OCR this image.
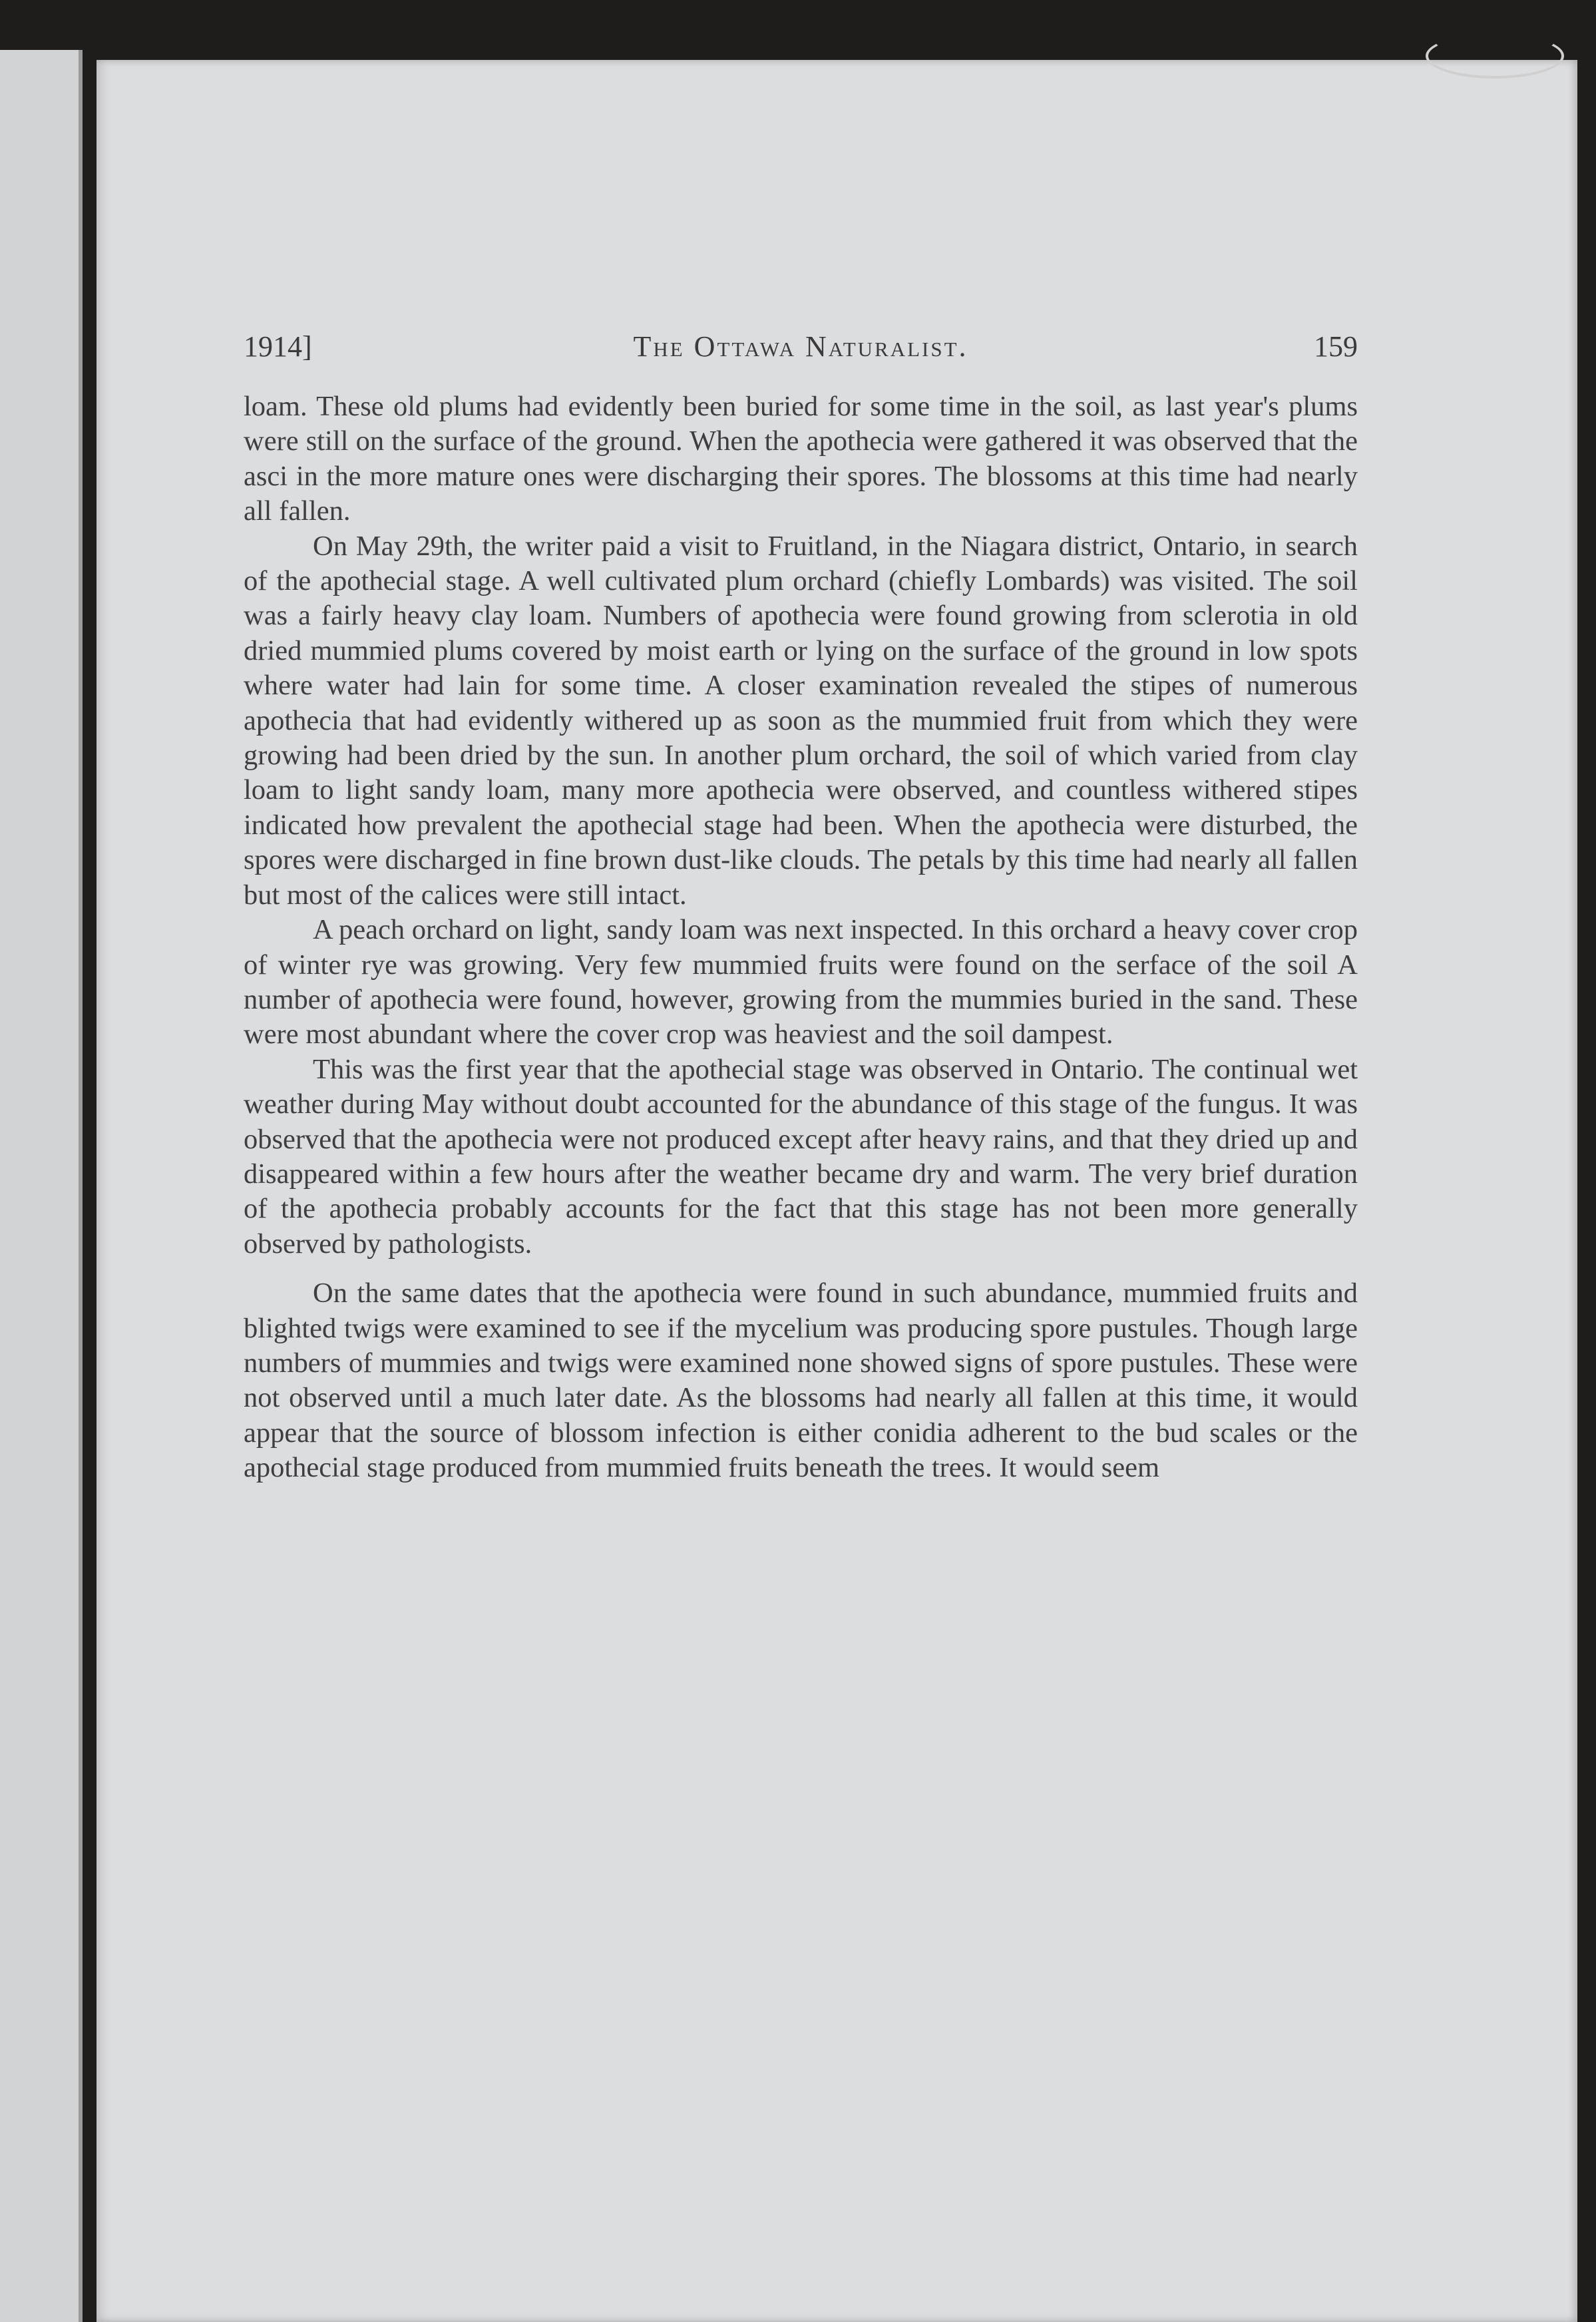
1914]	The Ottawa Naturalist.	159

loam. These old plums had evidently been buried for some time in the soil, as last year's plums were still on the surface of the ground. When the apothecia were gathered it was observed that the asci in the more mature ones were discharging their spores. The blossoms at this time had nearly all fallen.

On May 29th, the writer paid a visit to Fruitland, in the Niagara district, Ontario, in search of the apothecial stage. A well cultivated plum orchard (chiefly Lombards) was visited. The soil was a fairly heavy clay loam. Numbers of apothecia were found growing from sclerotia in old dried mummied plums covered by moist earth or lying on the surface of the ground in low spots where water had lain for some time. A closer examination revealed the stipes of numerous apothecia that had evidently withered up as soon as the mummied fruit from which they were growing had been dried by the sun. In another plum orchard, the soil of which varied from clay loam to light sandy loam, many more apothecia were observed, and countless withered stipes indicated how prevalent the apothecial stage had been. When the apothecia were disturbed, the spores were discharged in fine brown dust-like clouds. The petals by this time had nearly all fallen but most of the calices were still intact.

A peach orchard on light, sandy loam was next inspected. In this orchard a heavy cover crop of winter rye was growing. Very few mummied fruits were found on the serface of the soil A number of apothecia were found, however, growing from the mummies buried in the sand. These were most abundant where the cover crop was heaviest and the soil dampest.

This was the first year that the apothecial stage was observed in Ontario. The continual wet weather during May without doubt accounted for the abundance of this stage of the fungus. It was observed that the apothecia were not produced except after heavy rains, and that they dried up and disappeared within a few hours after the weather became dry and warm. The very brief duration of the apothecia probably accounts for the fact that this stage has not been more generally observed by pathologists.

On the same dates that the apothecia were found in such abundance, mummied fruits and blighted twigs were examined to see if the mycelium was producing spore pustules. Though large numbers of mummies and twigs were examined none showed signs of spore pustules. These were not observed until a much later date. As the blossoms had nearly all fallen at this time, it would appear that the source of blossom infection is either conidia adherent to the bud scales or the apothecial stage produced from mummied fruits beneath the trees. It would seem
